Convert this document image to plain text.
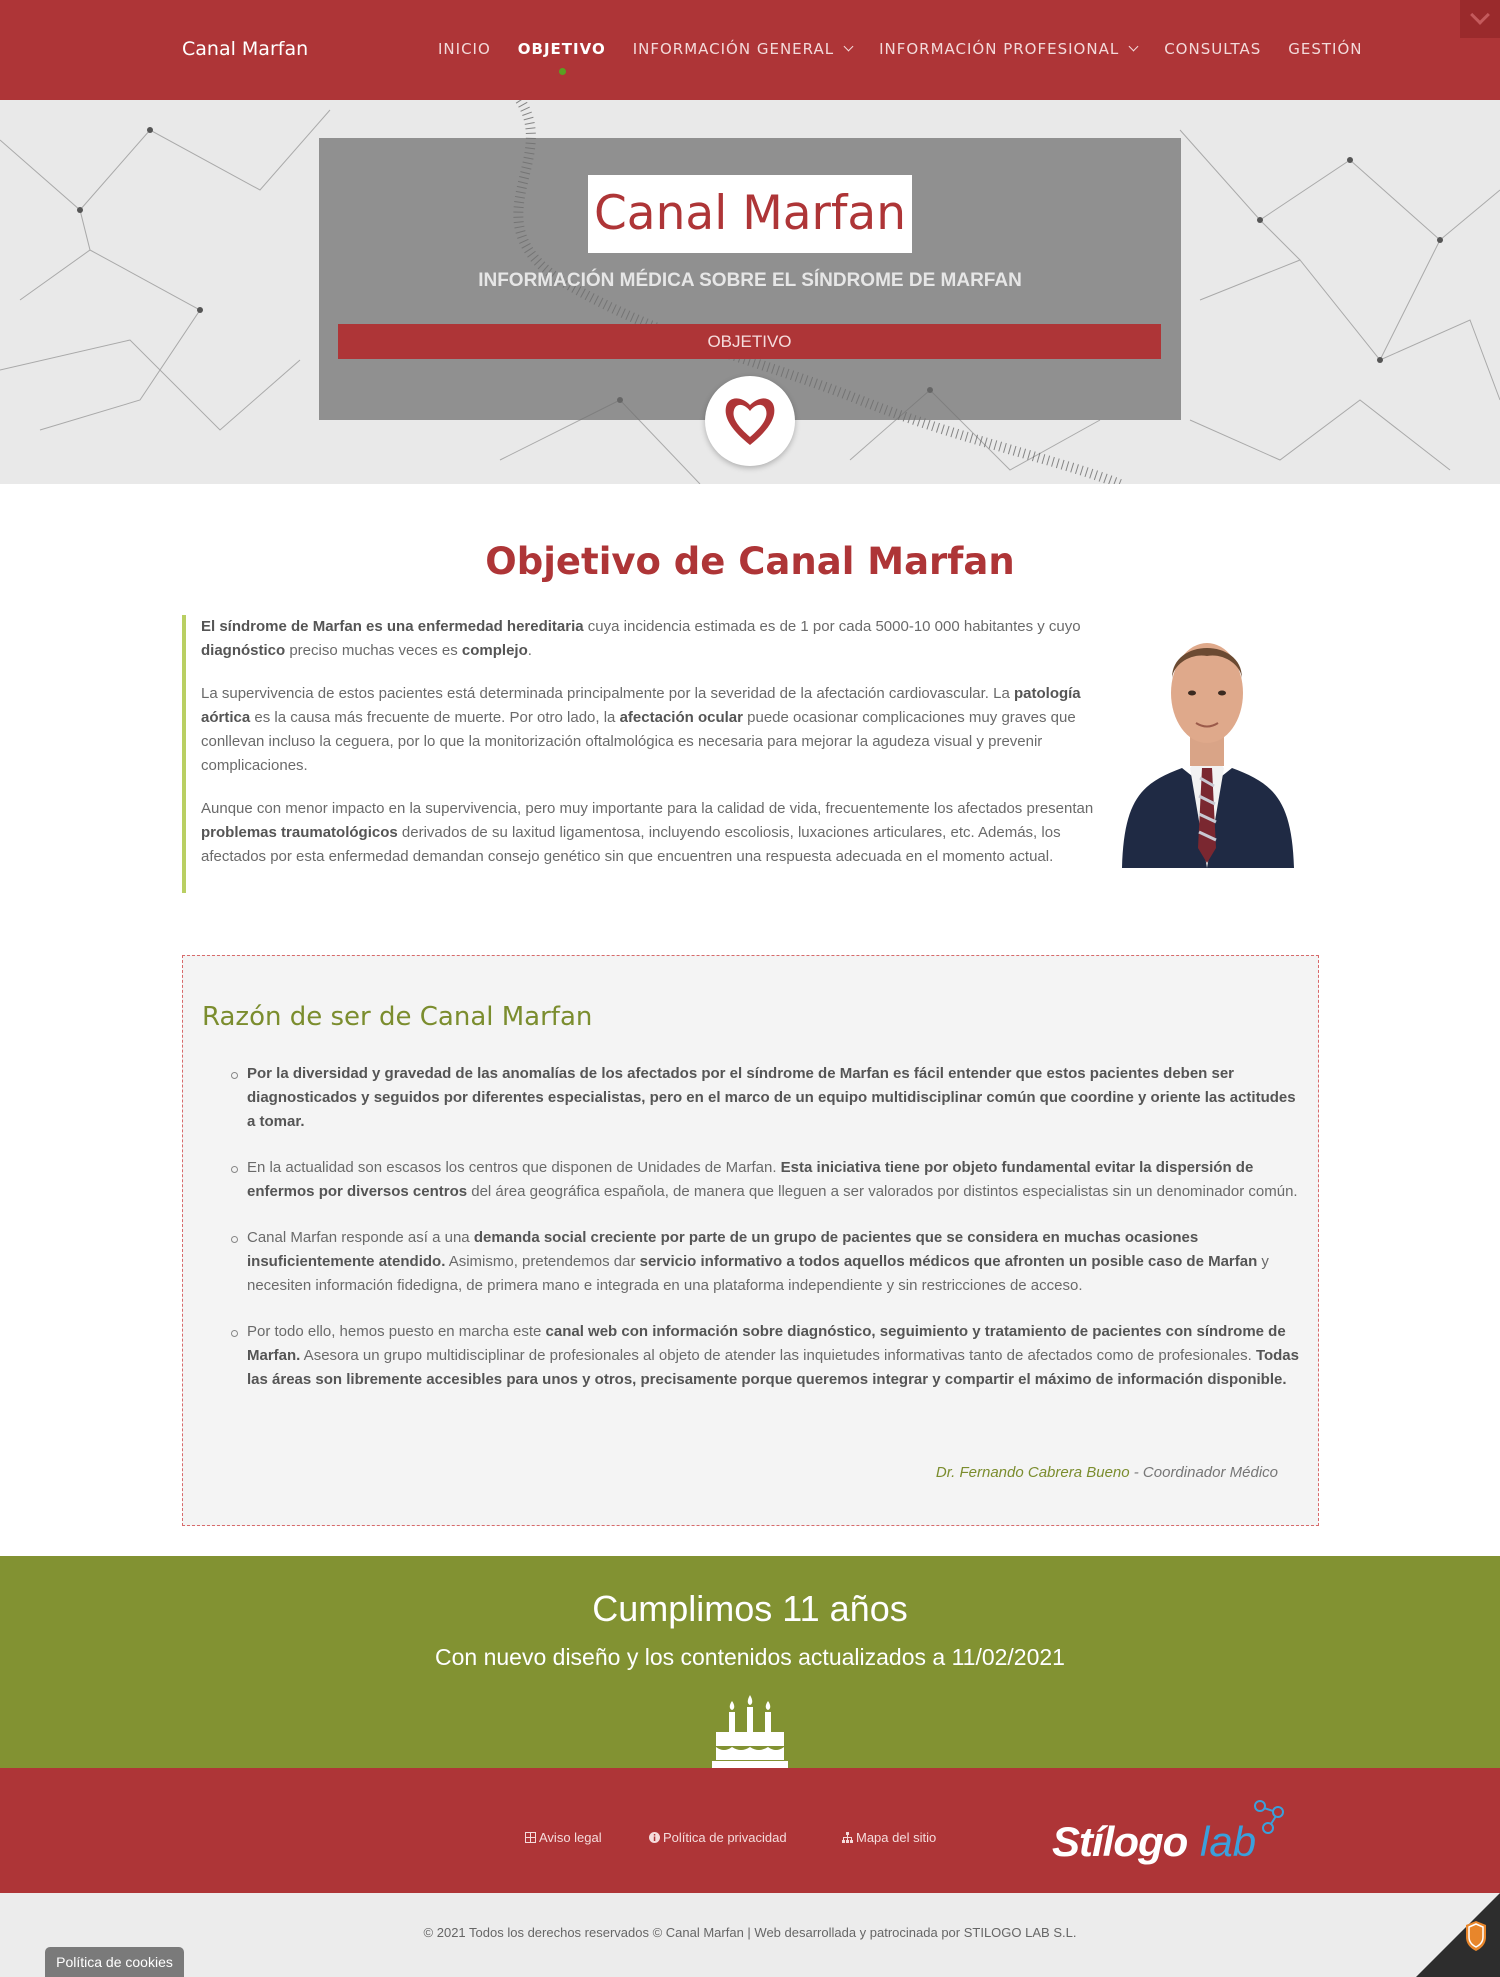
Canal Marfan	INICIO OBJETIVO INFORMACIÓN GENERAL	INFORMACIÓN PROFESIONAL	CONSULTAS GESTIÓN
Canal Marfan
INFORMACIÓN MÉDICA SOBRE EL SÍNDROME DE MARFAN
OBJETIVO
Objetivo de Canal Marfan

El síndrome de Marfan es una enfermedad hereditaria cuya incidencia estimada es de 1 por cada 5000-10 000 habitantes y cuyo diagnóstico preciso muchas veces es complejo.

La supervivencia de estos pacientes está determinada principalmente por la severidad de la afectación cardiovascular. La patología aórtica es la causa más frecuente de muerte. Por otro lado, la afectación ocular puede ocasionar complicaciones muy graves que conllevan incluso la ceguera, por lo que la monitorización oftalmológica es necesaria para mejorar la agudeza visual y prevenir complicaciones.

Aunque con menor impacto en la supervivencia, pero muy importante para la calidad de vida, frecuentemente los afectados presentan problemas traumatológicos derivados de su laxitud ligamentosa, incluyendo escoliosis, luxaciones articulares, etc. Además, los afectados por esta enfermedad demandan consejo genético sin que encuentren una respuesta adecuada en el momento actual.

Razón de ser de Canal Marfan
Por la diversidad y gravedad de las anomalías de los afectados por el síndrome de Marfan es fácil entender que estos pacientes deben ser diagnosticados y seguidos por diferentes especialistas, pero en el marco de un equipo multidisciplinar común que coordine y oriente las actitudes a tomar.
En la actualidad son escasos los centros que disponen de Unidades de Marfan. Esta iniciativa tiene por objeto fundamental evitar la dispersión de enfermos por diversos centros del área geográfica española, de manera que lleguen a ser valorados por distintos especialistas sin un denominador común.
Canal Marfan responde así a una demanda social creciente por parte de un grupo de pacientes que se considera en muchas ocasiones insuficientemente atendido. Asimismo, pretendemos dar servicio informativo a todos aquellos médicos que afronten un posible caso de Marfan y necesiten información fidedigna, de primera mano e integrada en una plataforma independiente y sin restricciones de acceso.
Por todo ello, hemos puesto en marcha este canal web con información sobre diagnóstico, seguimiento y tratamiento de pacientes con síndrome de Marfan. Asesora un grupo multidisciplinar de profesionales al objeto de atender las inquietudes informativas tanto de afectados como de profesionales. Todas las áreas son libremente accesibles para unos y otros, precisamente porque queremos integrar y compartir el máximo de información disponible.
Dr. Fernando Cabrera Bueno - Coordinador Médico
Cumplimos 11 años

Con nuevo diseño y los contenidos actualizados a 11/02/2021

Aviso legal	Política de privacidad	Mapa del sitio	Stílogo lab
© 2021 Todos los derechos reservados © Canal Marfan | Web desarrollada y patrocinada por STILOGO LAB S.L.
Política de cookies
